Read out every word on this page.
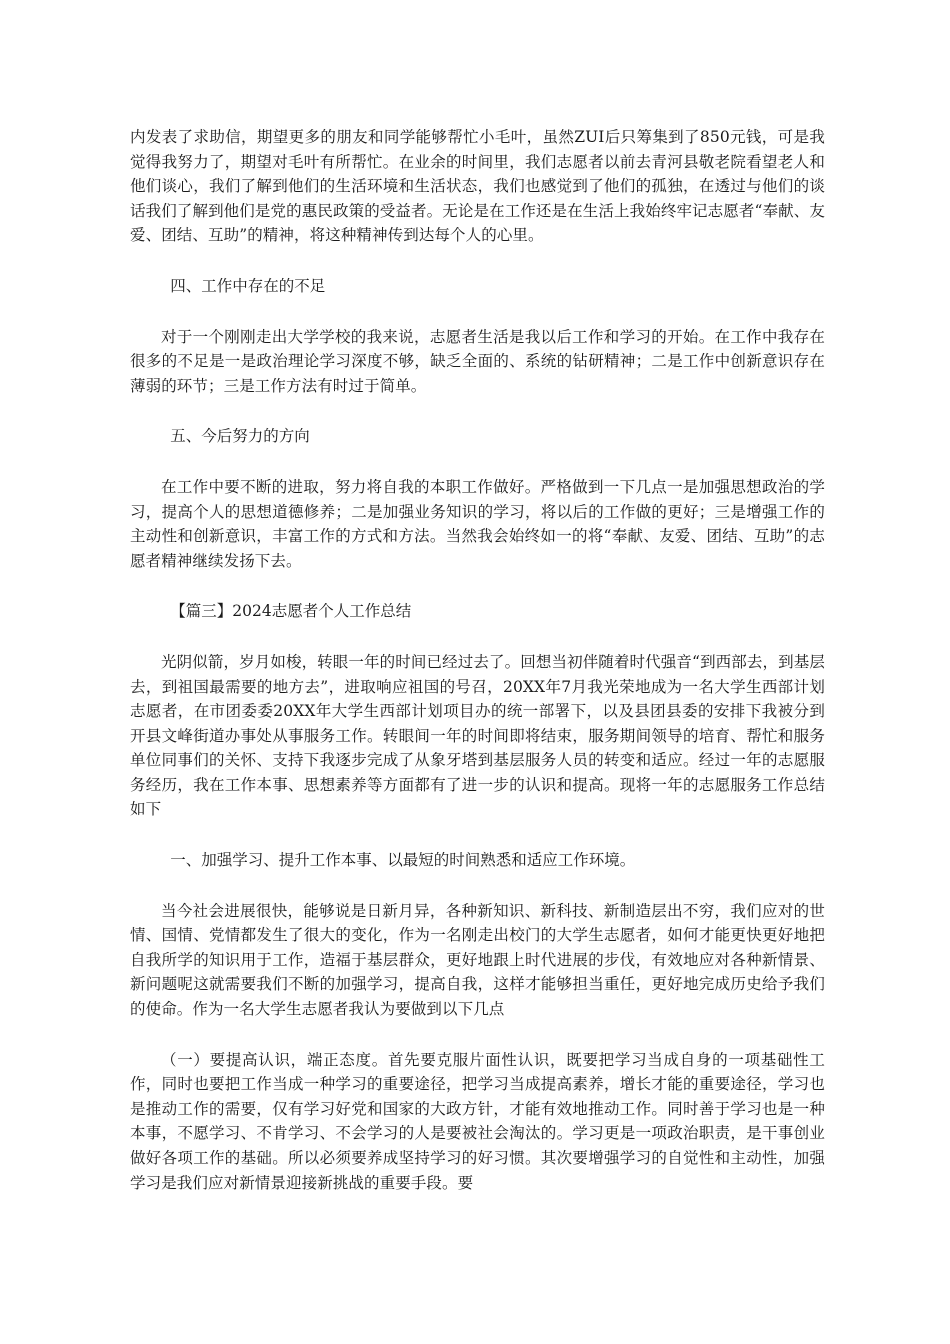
内发表了求助信，期望更多的朋友和同学能够帮忙小毛叶，虽然ZUI后只筹集到了850元钱，可是我觉得我努力了，期望对毛叶有所帮忙。在业余的时间里，我们志愿者以前去青河县敬老院看望老人和他们谈心，我们了解到他们的生活环境和生活状态，我们也感觉到了他们的孤独，在透过与他们的谈话我们了解到他们是党的惠民政策的受益者。无论是在工作还是在生活上我始终牢记志愿者“奉献、友爱、团结、互助”的精神，将这种精神传到达每个人的心里。

四、工作中存在的不足

对于一个刚刚走出大学学校的我来说，志愿者生活是我以后工作和学习的开始。在工作中我存在很多的不足是一是政治理论学习深度不够，缺乏全面的、系统的钻研精神；二是工作中创新意识存在薄弱的环节；三是工作方法有时过于简单。

五、今后努力的方向

在工作中要不断的进取，努力将自我的本职工作做好。严格做到一下几点一是加强思想政治的学习，提高个人的思想道德修养；二是加强业务知识的学习，将以后的工作做的更好；三是增强工作的主动性和创新意识，丰富工作的方式和方法。当然我会始终如一的将“奉献、友爱、团结、互助”的志愿者精神继续发扬下去。

【篇三】2024志愿者个人工作总结

光阴似箭，岁月如梭，转眼一年的时间已经过去了。回想当初伴随着时代强音“到西部去，到基层去，到祖国最需要的地方去”，进取响应祖国的号召，20XX年7月我光荣地成为一名大学生西部计划志愿者，在市团委委20XX年大学生西部计划项目办的统一部署下，以及县团县委的安排下我被分到开县文峰街道办事处从事服务工作。转眼间一年的时间即将结束，服务期间领导的培育、帮忙和服务单位同事们的关怀、支持下我逐步完成了从象牙塔到基层服务人员的转变和适应。经过一年的志愿服务经历，我在工作本事、思想素养等方面都有了进一步的认识和提高。现将一年的志愿服务工作总结如下

一、加强学习、提升工作本事、以最短的时间熟悉和适应工作环境。

当今社会进展很快，能够说是日新月异，各种新知识、新科技、新制造层出不穷，我们应对的世情、国情、党情都发生了很大的变化，作为一名刚走出校门的大学生志愿者，如何才能更快更好地把自我所学的知识用于工作，造福于基层群众，更好地跟上时代进展的步伐，有效地应对各种新情景、新问题呢这就需要我们不断的加强学习，提高自我，这样才能够担当重任，更好地完成历史给予我们的使命。作为一名大学生志愿者我认为要做到以下几点

（一）要提高认识，端正态度。首先要克服片面性认识，既要把学习当成自身的一项基础性工作，同时也要把工作当成一种学习的重要途径，把学习当成提高素养，增长才能的重要途径，学习也是推动工作的需要，仅有学习好党和国家的大政方针，才能有效地推动工作。同时善于学习也是一种本事，不愿学习、不肯学习、不会学习的人是要被社会淘汰的。学习更是一项政治职责，是干事创业做好各项工作的基础。所以必须要养成坚持学习的好习惯。其次要增强学习的自觉性和主动性，加强学习是我们应对新情景迎接新挑战的重要手段。要
